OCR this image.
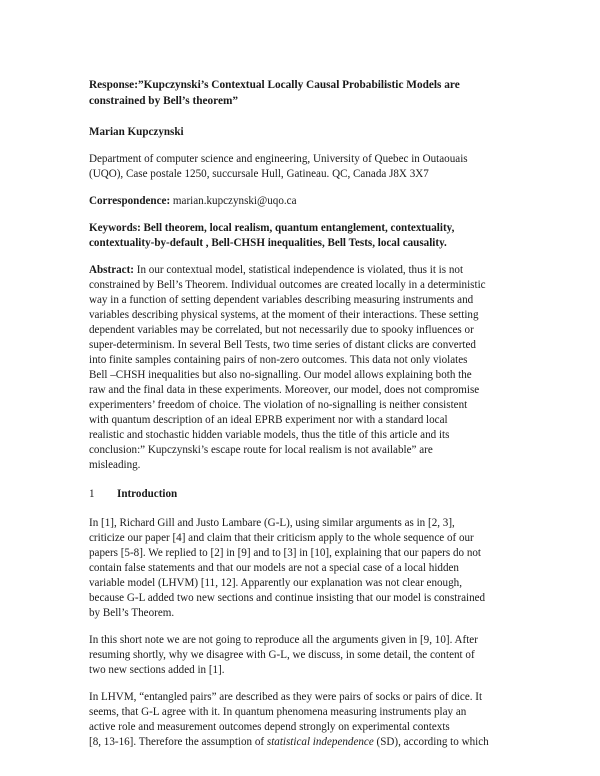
Response:”Kupczynski’s Contextual Locally Causal Probabilistic Models are
constrained by Bell’s theorem”
Marian Kupczynski
Department of computer science and engineering, University of Quebec in Outaouais
(UQO), Case postale 1250, succursale Hull, Gatineau. QC, Canada J8X 3X7
Correspondence: marian.kupczynski@uqo.ca
Keywords: Bell theorem, local realism, quantum entanglement, contextuality,
contextuality-by-default , Bell-CHSH inequalities, Bell Tests, local causality.
Abstract: In our contextual model, statistical independence is violated, thus it is not
constrained by Bell’s Theorem. Individual outcomes are created locally in a deterministic
way in a function of setting dependent variables describing measuring instruments and
variables describing physical systems, at the moment of their interactions. These setting
dependent variables may be correlated, but not necessarily due to spooky influences or
super-determinism. In several Bell Tests, two time series of distant clicks are converted
into finite samples containing pairs of non-zero outcomes. This data not only violates
Bell –CHSH inequalities but also no-signalling. Our model allows explaining both the
raw and the final data in these experiments. Moreover, our model, does not compromise
experimenters’ freedom of choice. The violation of no-signalling is neither consistent
with quantum description of an ideal EPRB experiment nor with a standard local
realistic and stochastic hidden variable models, thus the title of this article and its
conclusion:” Kupczynski’s escape route for local realism is not available” are
misleading.
1 Introduction

In [1], Richard Gill and Justo Lambare (G-L), using similar arguments as in [2, 3],
criticize our paper [4] and claim that their criticism apply to the whole sequence of our
papers [5-8]. We replied to [2] in [9] and to [3] in [10], explaining that our papers do not
contain false statements and that our models are not a special case of a local hidden
variable model (LHVM) [11, 12]. Apparently our explanation was not clear enough,
because G-L added two new sections and continue insisting that our model is constrained
by Bell’s Theorem.

In this short note we are not going to reproduce all the arguments given in [9, 10]. After
resuming shortly, why we disagree with G-L, we discuss, in some detail, the content of
two new sections added in [1].

In LHVM, “entangled pairs” are described as they were pairs of socks or pairs of dice. It
seems, that G-L agree with it. In quantum phenomena measuring instruments play an
active role and measurement outcomes depend strongly on experimental contexts
[8, 13-16]. Therefore the assumption of statistical independence (SD), according to which
